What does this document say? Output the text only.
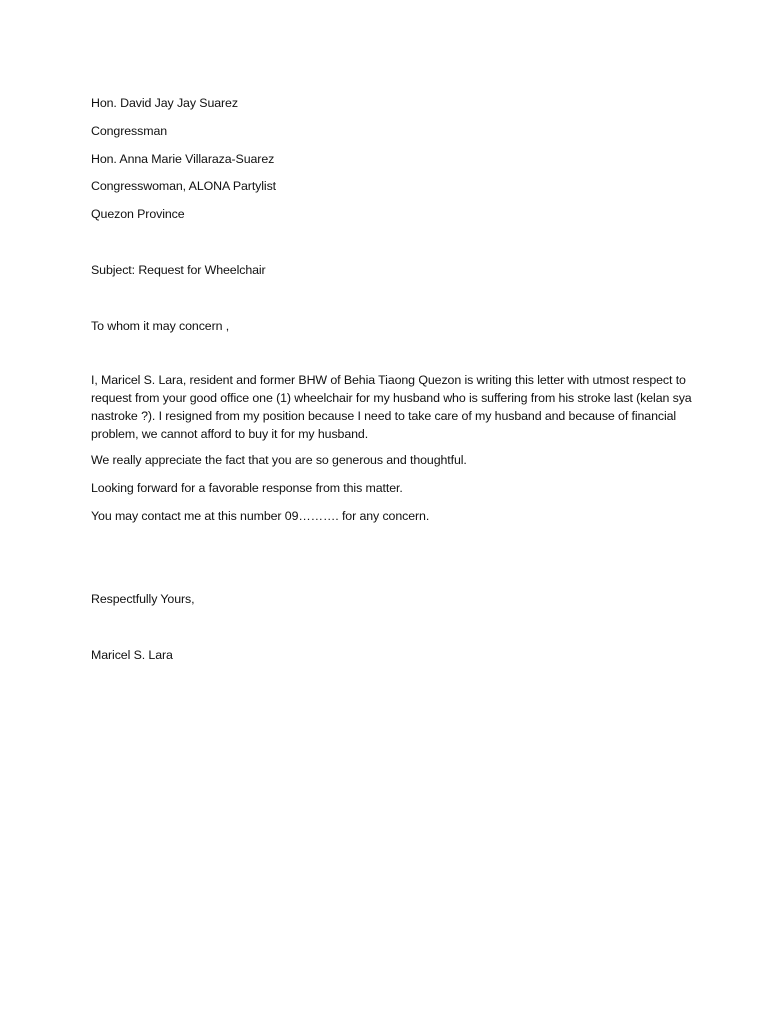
Hon. David Jay Jay Suarez
Congressman
Hon. Anna Marie Villaraza-Suarez
Congresswoman, ALONA Partylist
Quezon Province
Subject: Request for Wheelchair
To whom it may concern ,
I, Maricel S. Lara, resident and former BHW of Behia Tiaong Quezon is writing this letter with utmost respect to request from your good office one (1) wheelchair for my husband who is suffering from his stroke last (kelan sya nastroke ?). I resigned from my position because I need to take care of my husband and because of financial problem, we cannot afford to buy it for my husband.
We really appreciate the fact that you are so generous and thoughtful.
Looking forward for a favorable response from this matter.
You may contact me at this number 09………. for any concern.
Respectfully Yours,
Maricel S. Lara
